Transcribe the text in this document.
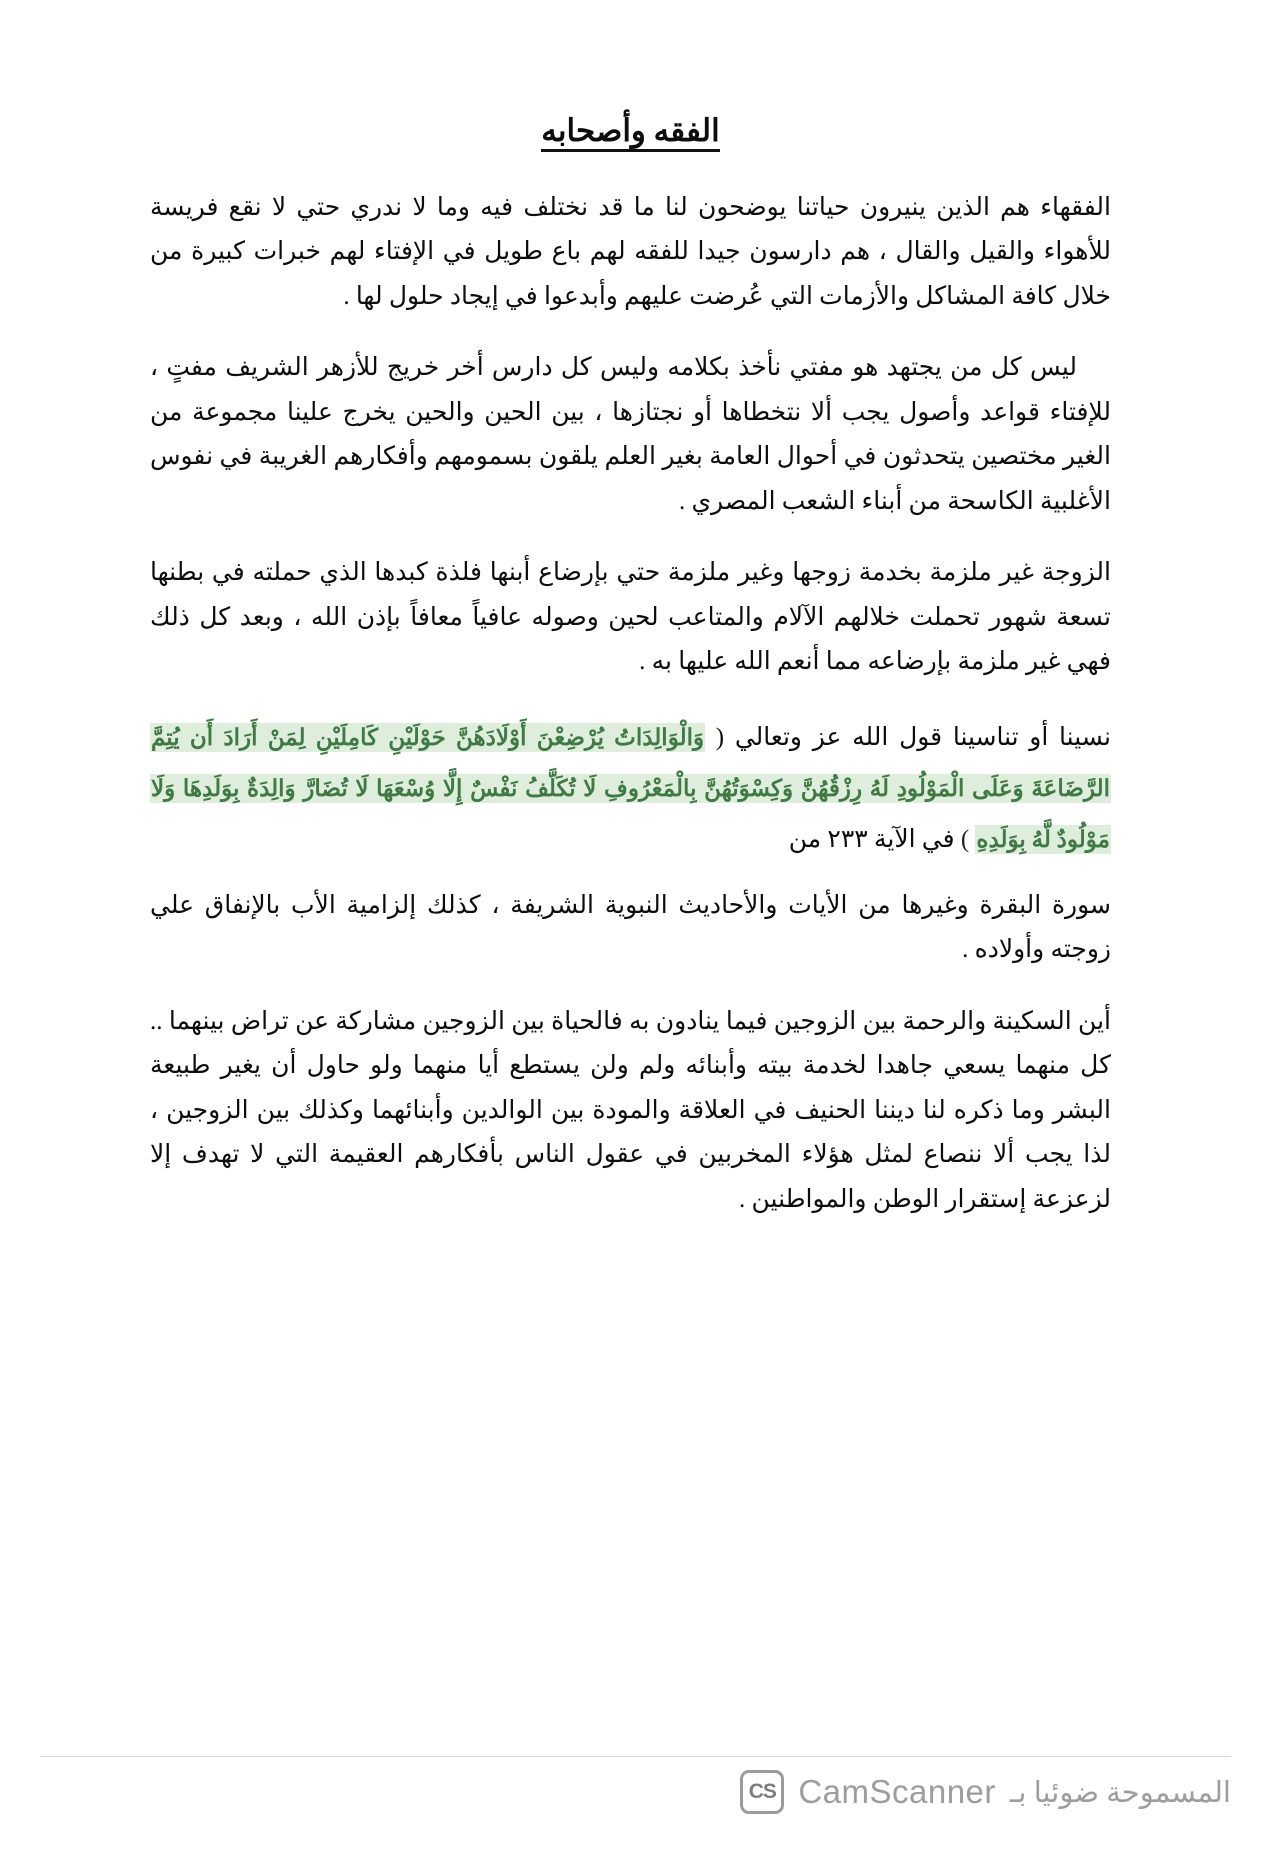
الفقه وأصحابه

الفقهاء هم الذين ينيرون حياتنا يوضحون لنا ما قد نختلف فيه وما لا ندري حتي لا نقع فريسة للأهواء والقيل والقال ، هم دارسون جيدا للفقه لهم باع طويل في الإفتاء لهم خبرات كبيرة من خلال كافة المشاكل والأزمات التي عُرضت عليهم وأبدعوا في إيجاد حلول لها .

ليس كل من يجتهد هو مفتي نأخذ بكلامه وليس كل دارس أخر خريج للأزهر الشريف مفتٍ ، للإفتاء قواعد وأصول يجب ألا نتخطاها أو نجتازها ، بين الحين والحين يخرج علينا مجموعة من الغير مختصين يتحدثون في أحوال العامة بغير العلم يلقون بسمومهم وأفكارهم الغريبة في نفوس الأغلبية الكاسحة من أبناء الشعب المصري .

الزوجة غير ملزمة بخدمة زوجها وغير ملزمة حتي بإرضاع أبنها فلذة كبدها الذي حملته في بطنها تسعة شهور تحملت خلالهم الآلام والمتاعب لحين وصوله عافياً معافاً بإذن الله ، وبعد كل ذلك فهي غير ملزمة بإرضاعه مما أنعم الله عليها به .

نسينا أو تناسينا قول الله عز وتعالي ( وَالْوَالِدَاتُ يُرْضِعْنَ أَوْلَادَهُنَّ حَوْلَيْنِ كَامِلَيْنِ لِمَنْ أَرَادَ أَن يُتِمَّ الرَّضَاعَةَ وَعَلَى الْمَوْلُودِ لَهُ رِزْقُهُنَّ وَكِسْوَتُهُنَّ بِالْمَعْرُوفِ لَا تُكَلَّفُ نَفْسٌ إِلَّا وُسْعَهَا لَا تُضَارَّ وَالِدَةٌ بِوَلَدِهَا وَلَا مَوْلُودٌ لَّهُ بِوَلَدِهِ ) في الآية ٢٣٣ من

سورة البقرة وغيرها من الأيات والأحاديث النبوية الشريفة ، كذلك إلزامية الأب بالإنفاق علي زوجته وأولاده .

أين السكينة والرحمة بين الزوجين فيما ينادون به فالحياة بين الزوجين مشاركة عن تراض بينهما .. كل منهما يسعي جاهدا لخدمة بيته وأبنائه ولم ولن يستطع أيا منهما ولو حاول أن يغير طبيعة البشر وما ذكره لنا ديننا الحنيف في العلاقة والمودة بين الوالدين وأبنائهما وكذلك بين الزوجين ، لذا يجب ألا ننصاع لمثل هؤلاء المخربين في عقول الناس بأفكارهم العقيمة التي لا تهدف إلا لزعزعة إستقرار الوطن والمواطنين .

CS CamScanner المسموحة ضوئيا بـ
